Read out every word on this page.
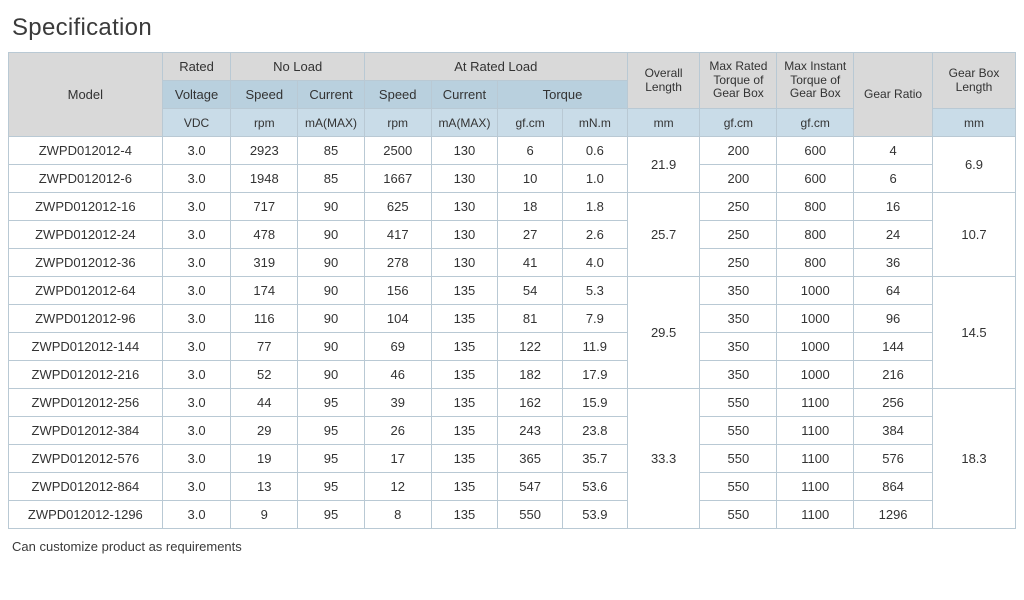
Specification
Model	Rated	No Load		At Rated Load				Overall Length	Max Rated Torque of Gear Box	Max Instant Torque of Gear Box	Gear Ratio	Gear Box Length
	Voltage	Speed	Current	Speed	Current	Torque						
	VDC	rpm	mA(MAX)	rpm	mA(MAX)	gf.cm	mN.m	mm	gf.cm	gf.cm		mm
ZWPD012012-4	3.0	2923	85	2500	130	6	0.6	21.9	200	600	4	6.9
ZWPD012012-6	3.0	1948	85	1667	130	10	1.0		200	600	6	
ZWPD012012-16	3.0	717	90	625	130	18	1.8	25.7	250	800	16	10.7
ZWPD012012-24	3.0	478	90	417	130	27	2.6		250	800	24	
ZWPD012012-36	3.0	319	90	278	130	41	4.0		250	800	36	
ZWPD012012-64	3.0	174	90	156	135	54	5.3	29.5	350	1000	64	14.5
ZWPD012012-96	3.0	116	90	104	135	81	7.9		350	1000	96	
ZWPD012012-144	3.0	77	90	69	135	122	11.9		350	1000	144	
ZWPD012012-216	3.0	52	90	46	135	182	17.9		350	1000	216	
ZWPD012012-256	3.0	44	95	39	135	162	15.9	33.3	550	1100	256	18.3
ZWPD012012-384	3.0	29	95	26	135	243	23.8		550	1100	384	
ZWPD012012-576	3.0	19	95	17	135	365	35.7		550	1100	576	
ZWPD012012-864	3.0	13	95	12	135	547	53.6		550	1100	864	
ZWPD012012-1296	3.0	9	95	8	135	550	53.9		550	1100	1296	
Can customize product as requirements
